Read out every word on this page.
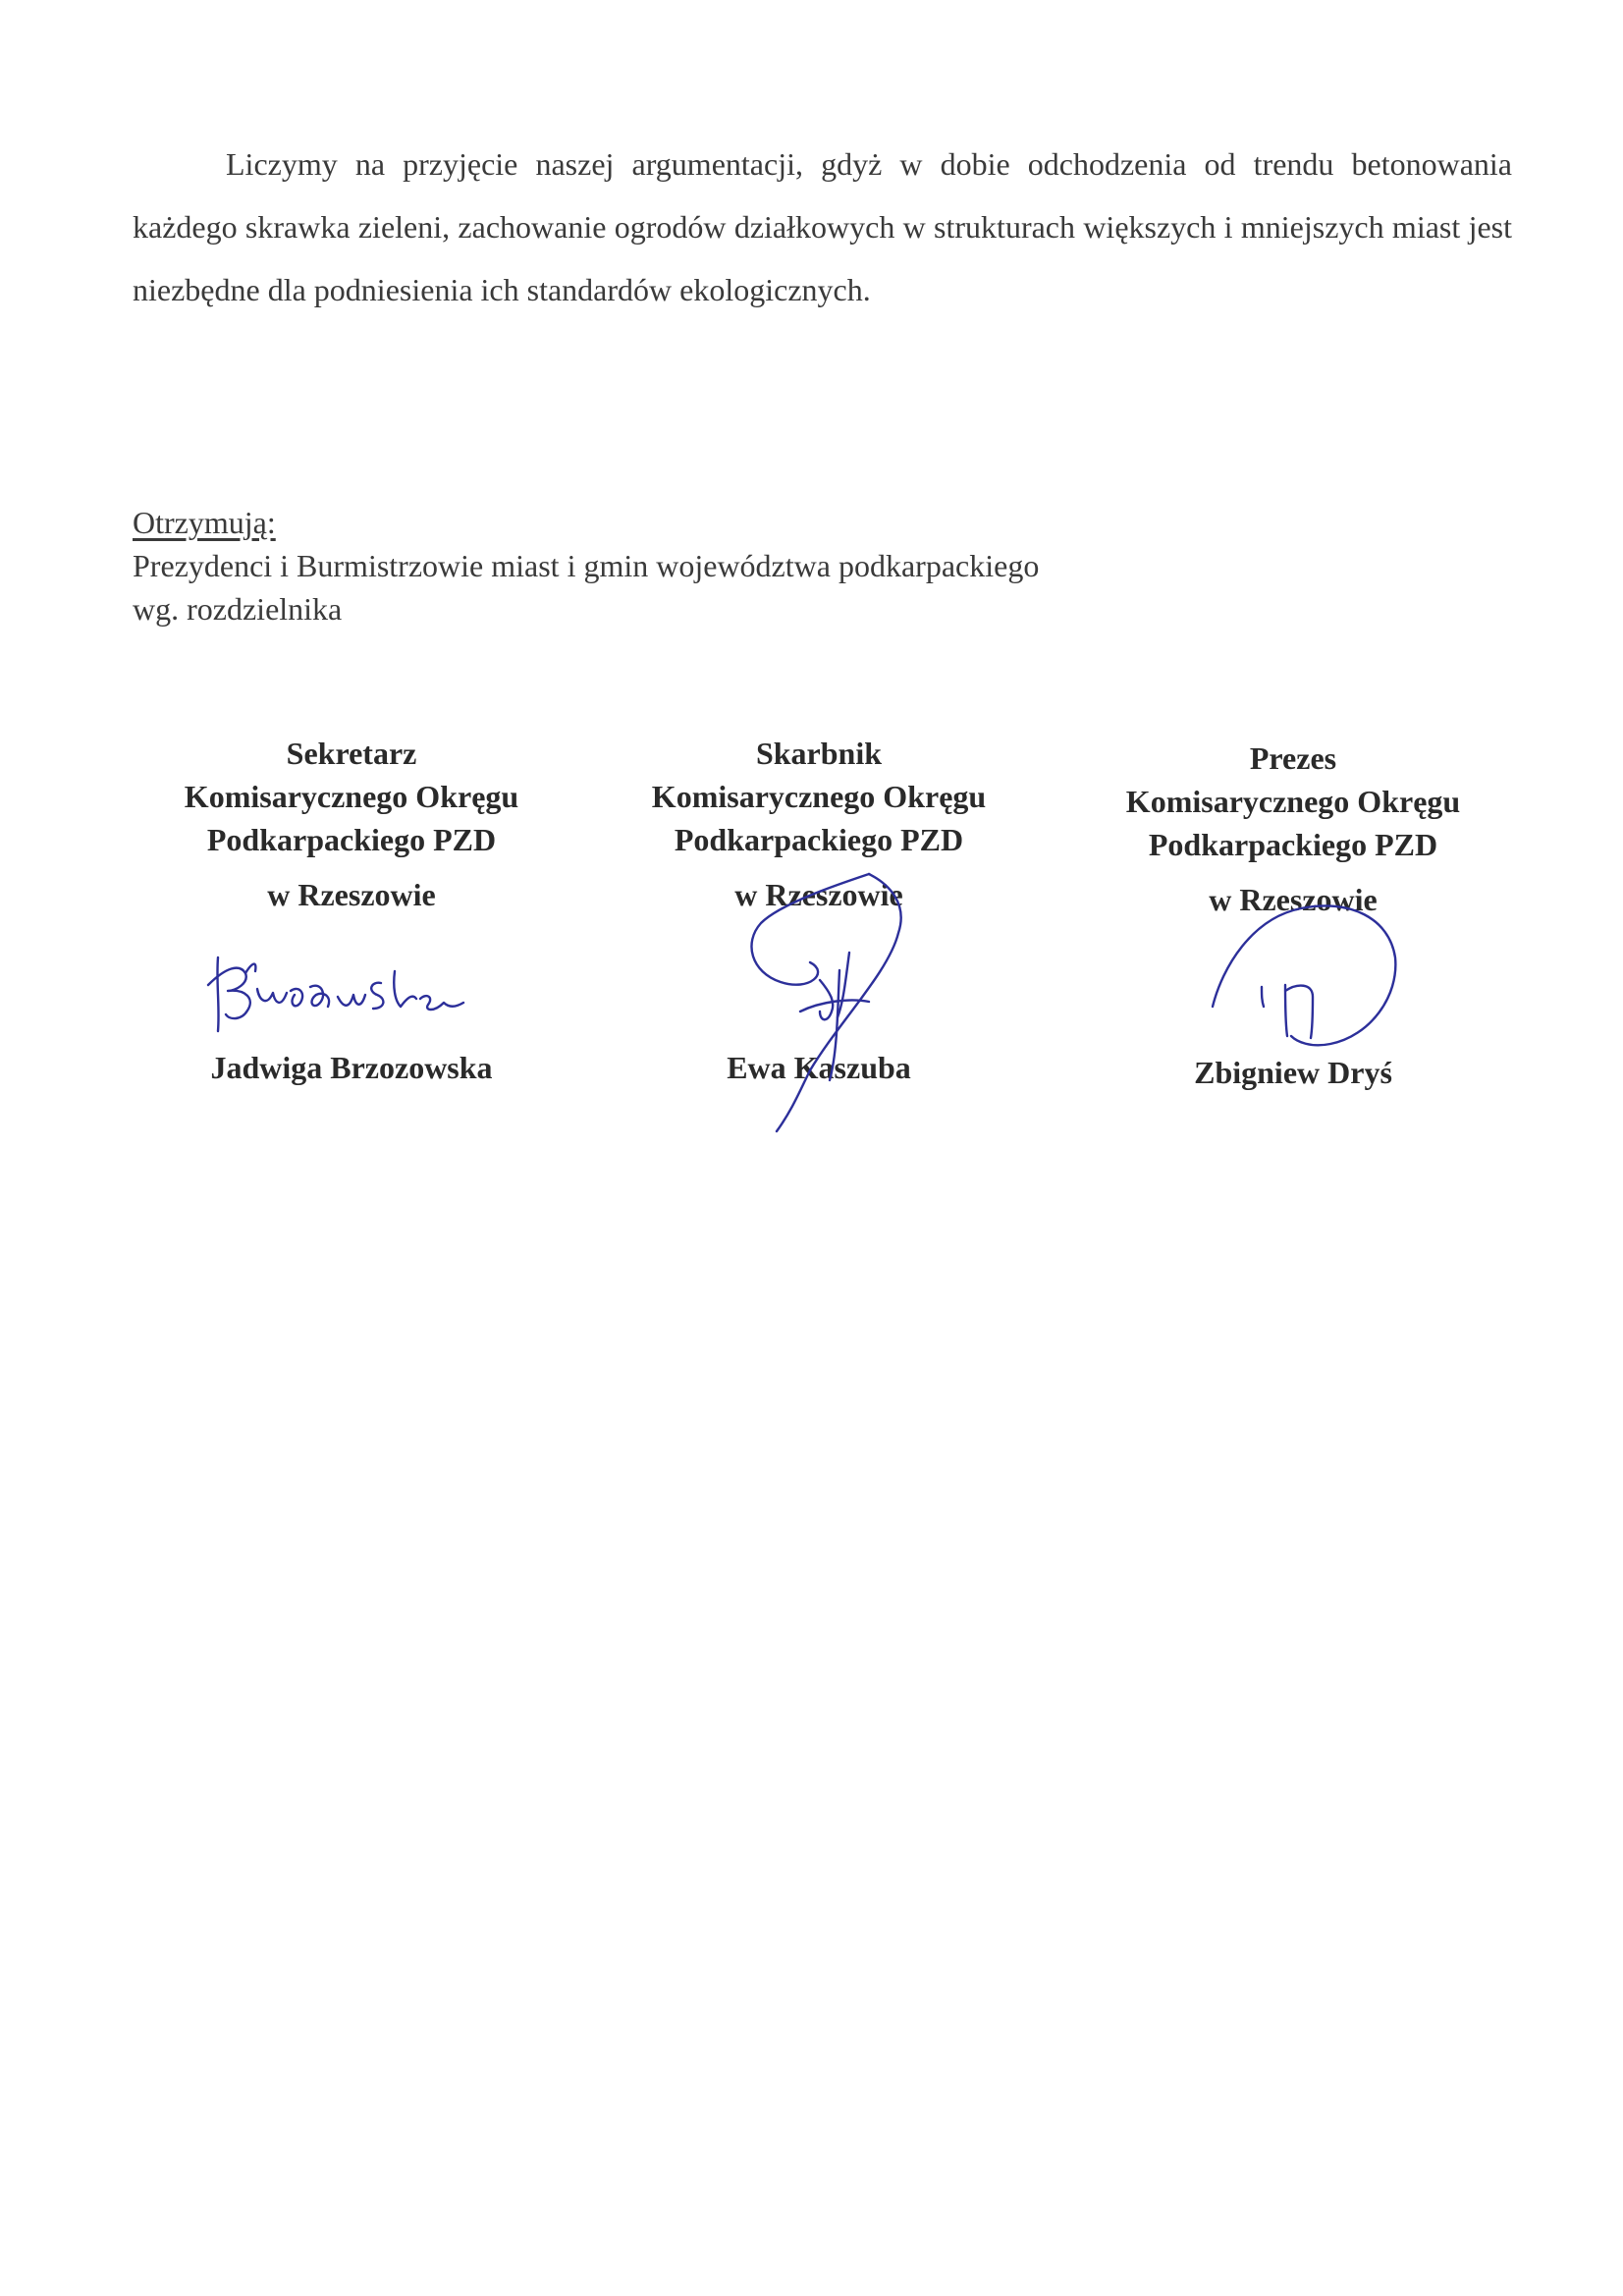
Liczymy na przyjęcie naszej argumentacji, gdyż w dobie odchodzenia od trendu betonowania każdego skrawka zieleni, zachowanie ogrodów działkowych w strukturach większych i mniejszych miast jest niezbędne dla podniesienia ich standardów ekologicznych.

Otrzymują:
Prezydenci i Burmistrzowie miast i gmin województwa podkarpackiego
wg. rozdzielnika
Sekretarz
Komisarycznego Okręgu
Podkarpackiego PZD
w Rzeszowie
Jadwiga Brzozowska
Skarbnik
Komisarycznego Okręgu
Podkarpackiego PZD
w Rzeszowie
Ewa Kaszuba
Prezes
Komisarycznego Okręgu
Podkarpackiego PZD
w Rzeszowie
Zbigniew Dryś
